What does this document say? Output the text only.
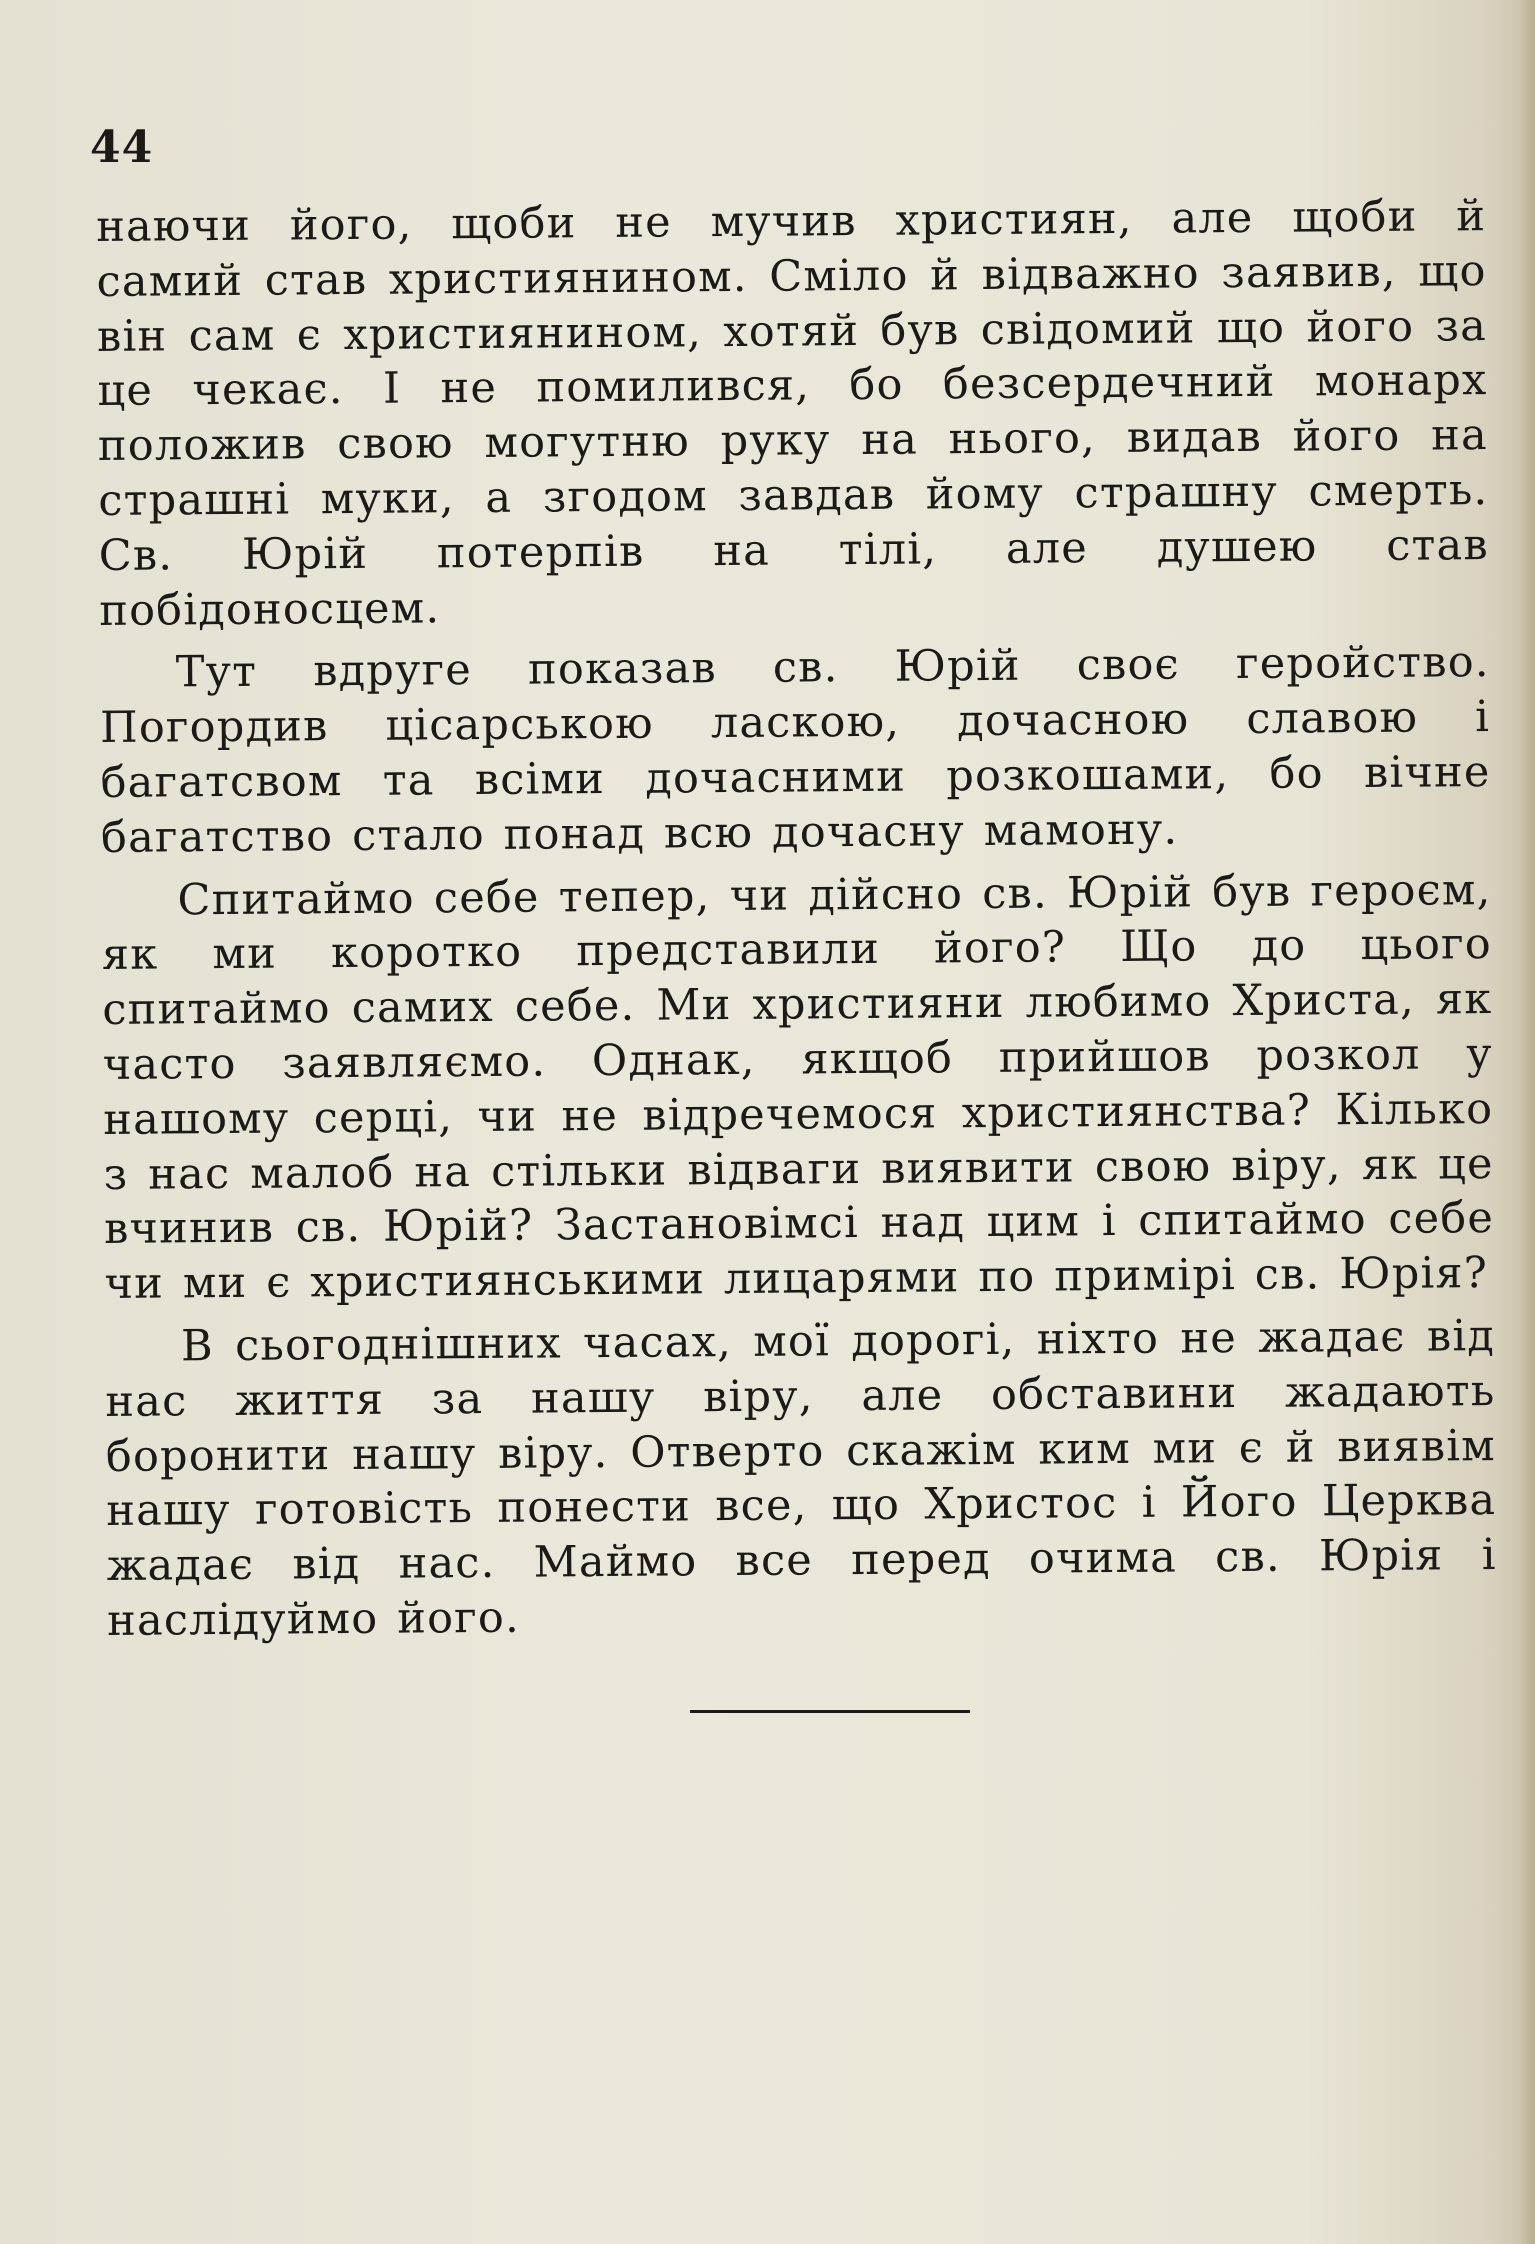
44

наючи його, щоби не мучив християн, але щоби й самий став християнином. Сміло й відважно заявив, що він сам є християнином, хотяй був свідомий що його за це чекає. І не помилився, бо безсердечний монарх положив свою могутню руку на нього, видав його на страшні муки, а згодом завдав йому страшну смерть. Св. Юрій потерпів на тілі, але душею став побідоносцем.

Тут вдруге показав св. Юрій своє геройство. Погордив цісарською ласкою, дочасною славою і багатсвом та всіми дочасними розкошами, бо вічне багатство стало понад всю дочасну мамону.

Спитаймо себе тепер, чи дійсно св. Юрій був героєм, як ми коротко представили його? Що до цього спитаймо самих себе. Ми християни любимо Христа, як часто заявляємо. Однак, якщоб прийшов розкол у нашому серці, чи не відречемося християнства? Кілько з нас малоб на стільки відваги виявити свою віру, як це вчинив св. Юрій? Застановімсі над цим і спитаймо себе чи ми є християнськими лицарями по примірі св. Юрія?

В сьогоднішних часах, мої дорогі, ніхто не жадає від нас життя за нашу віру, але обставини жадають боронити нашу віру. Отверто скажім ким ми є й виявім нашу готовість понести все, що Христос і Його Церква жадає від нас. Маймо все перед очима св. Юрія і наслідуймо його.
